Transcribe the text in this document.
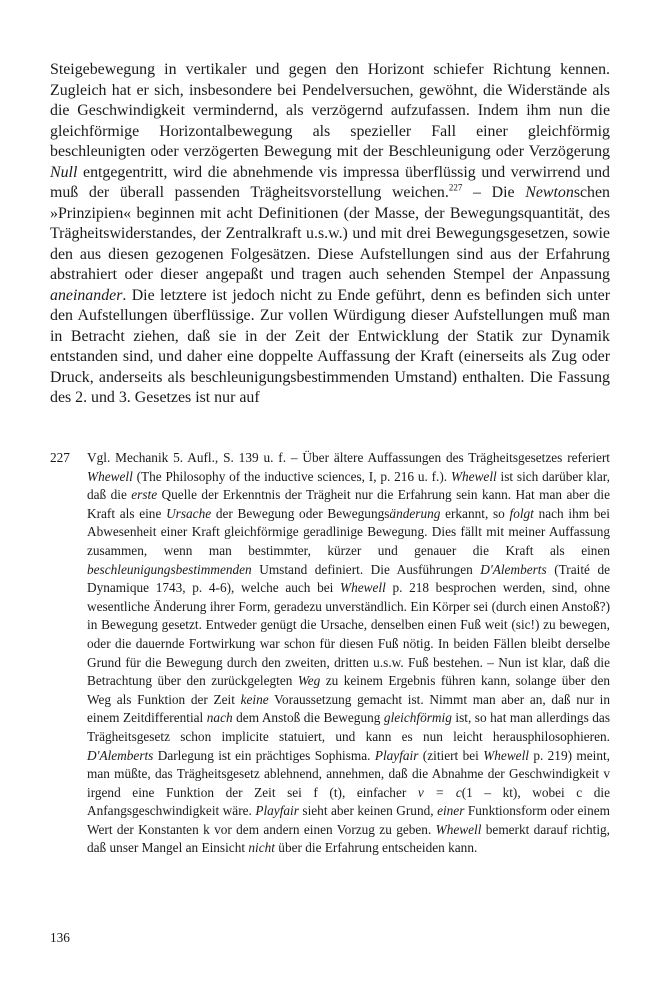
Steigebewegung in vertikaler und gegen den Horizont schiefer Richtung kennen. Zugleich hat er sich, insbesondere bei Pendelversuchen, gewöhnt, die Widerstände als die Geschwindigkeit vermindernd, als verzögernd aufzufassen. Indem ihm nun die gleichförmige Horizontalbewegung als spezieller Fall einer gleichförmig beschleunigten oder verzögerten Bewegung mit der Beschleunigung oder Verzögerung Null entgegentritt, wird die abnehmende vis impressa überflüssig und verwirrend und muß der überall passenden Trägheitsvorstellung weichen.$^{227}$ – Die Newtonschen »Prinzipien« beginnen mit acht Definitionen (der Masse, der Bewegungsquantität, des Trägheitswiderstandes, der Zentralkraft u.s.w.) und mit drei Bewegungsgesetzen, sowie den aus diesen gezogenen Folgesätzen. Diese Aufstellungen sind aus der Erfahrung abstrahiert oder dieser angepaßt und tragen auch sehenden Stempel der Anpassung aneinander. Die letztere ist jedoch nicht zu Ende geführt, denn es befinden sich unter den Aufstellungen überflüssige. Zur vollen Würdigung dieser Aufstellungen muß man in Betracht ziehen, daß sie in der Zeit der Entwicklung der Statik zur Dynamik entstanden sind, und daher eine doppelte Auffassung der Kraft (einerseits als Zug oder Druck, anderseits als beschleunigungsbestimmenden Umstand) enthalten. Die Fassung des 2. und 3. Gesetzes ist nur auf

227 Vgl. Mechanik 5. Aufl., S. 139 u. f. – Über ältere Auffassungen des Trägheitsgesetzes referiert Whewell (The Philosophy of the inductive sciences, I, p. 216 u. f.). Whewell ist sich darüber klar, daß die erste Quelle der Erkenntnis der Trägheit nur die Erfahrung sein kann. Hat man aber die Kraft als eine Ursache der Bewegung oder Bewegungsänderung erkannt, so folgt nach ihm bei Abwesenheit einer Kraft gleichförmige geradlinige Bewegung. Dies fällt mit meiner Auffassung zusammen, wenn man bestimmter, kürzer und genauer die Kraft als einen beschleunigungsbestimmenden Umstand definiert. Die Ausführungen D'Alemberts (Traité de Dynamique 1743, p. 4-6), welche auch bei Whewell p. 218 besprochen werden, sind, ohne wesentliche Änderung ihrer Form, geradezu unverständlich. Ein Körper sei (durch einen Anstoß?) in Bewegung gesetzt. Entweder genügt die Ursache, denselben einen Fuß weit (sic!) zu bewegen, oder die dauernde Fortwirkung war schon für diesen Fuß nötig. In beiden Fällen bleibt derselbe Grund für die Bewegung durch den zweiten, dritten u.s.w. Fuß bestehen. – Nun ist klar, daß die Betrachtung über den zurückgelegten Weg zu keinem Ergebnis führen kann, solange über den Weg als Funktion der Zeit keine Voraussetzung gemacht ist. Nimmt man aber an, daß nur in einem Zeitdifferential nach dem Anstoß die Bewegung gleichförmig ist, so hat man allerdings das Trägheitsgesetz schon implicite statuiert, und kann es nun leicht herausphilosophieren. D'Alemberts Darlegung ist ein prächtiges Sophisma. Playfair (zitiert bei Whewell p. 219) meint, man müßte, das Trägheitsgesetz ablehnend, annehmen, daß die Abnahme der Geschwindigkeit v irgend eine Funktion der Zeit sei f (t), einfacher v = c(1 – kt), wobei c die Anfangsgeschwindigkeit wäre. Playfair sieht aber keinen Grund, einer Funktionsform oder einem Wert der Konstanten k vor dem andern einen Vorzug zu geben. Whewell bemerkt darauf richtig, daß unser Mangel an Einsicht nicht über die Erfahrung entscheiden kann.
136
